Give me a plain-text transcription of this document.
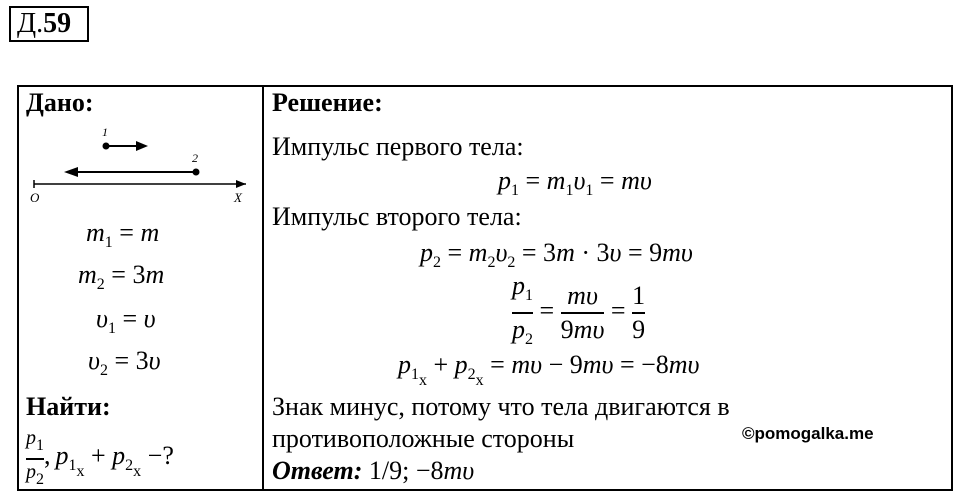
Д.59
Дано:
1
2
O	X
$m_1 = m$
$m_2 = 3m$
$\upsilon_1 = \upsilon$
$\upsilon_2 = 3\upsilon$
Найти:
$\frac{p_1}{p_2}$ , $p_{1_x} + p_{2_x}$ −?
Решение:
Импульс первого тела:
$p_1 = m_1\upsilon_1 = m\upsilon$
Импульс второго тела:
$p_2 = m_2\upsilon_2 = 3m \cdot 3\upsilon = 9m\upsilon$
$\frac{p_1}{p_2} = \frac{m\upsilon}{9m\upsilon} = \frac{1}{9}$
$p_{1_x} + p_{2_x} = m\upsilon - 9m\upsilon = -8m\upsilon$
Знак минус, потому что тела двигаются в
противоположные стороны	©pomogalka.me
Ответ: 1/9; −8mυ
